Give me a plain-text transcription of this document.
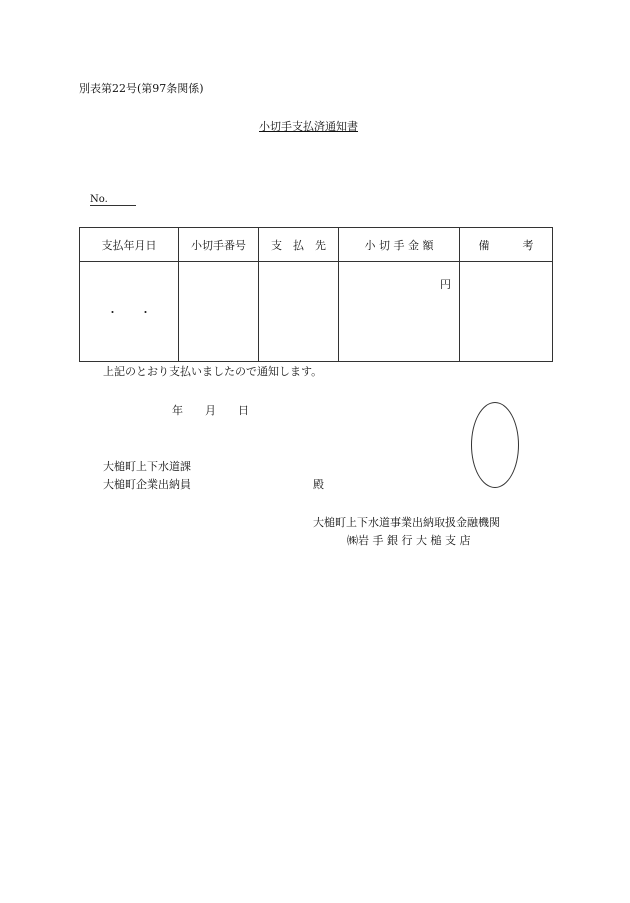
別表第22号(第97条関係)
小切手支払済通知書
No.
支払年月日	小切手番号	支　払　先	小 切 手 金 額	備　　　考
・　　・			円	
上記のとおり支払いましたので通知します。
年　　月　　日
大槌町上下水道課
大槌町企業出納員	殿
大槌町上下水道事業出納取扱金融機関
㈱岩 手 銀 行 大 槌 支 店
